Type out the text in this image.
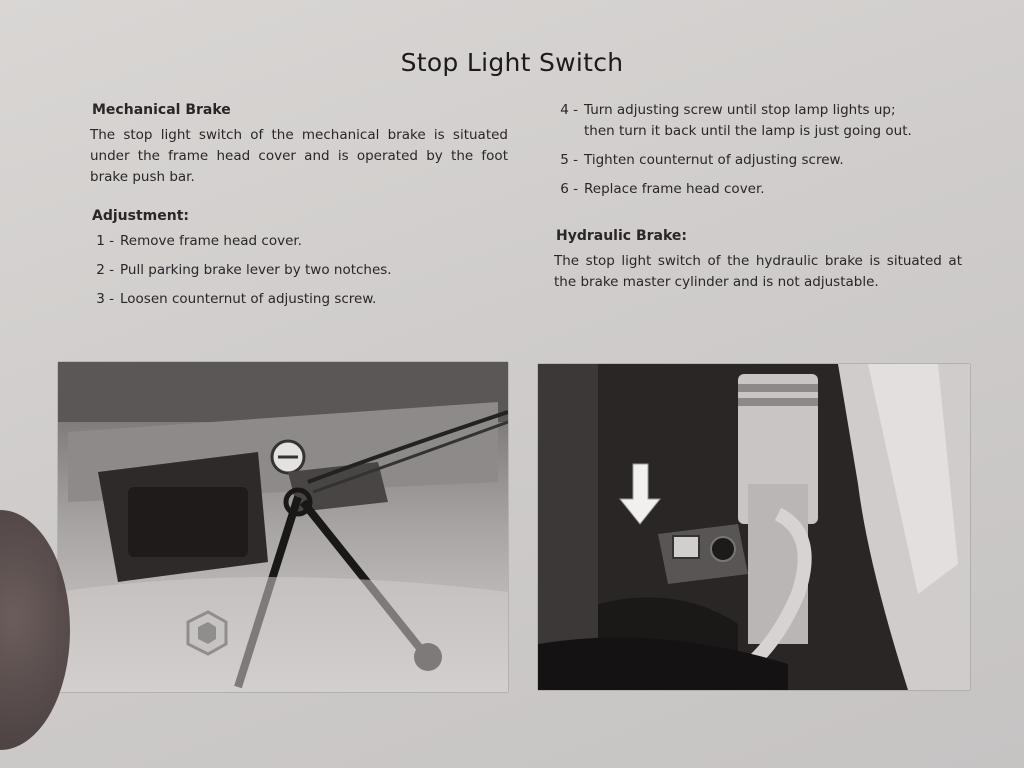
Stop Light Switch
Mechanical Brake
The stop light switch of the mechanical brake is situated under the frame head cover and is operated by the foot brake push bar.
Adjustment:
1 - Remove frame head cover.
2 - Pull parking brake lever by two notches.
3 - Loosen counternut of adjusting screw.
4 - Turn adjusting screw until stop lamp lights up;
then turn it back until the lamp is just going out.
5 - Tighten counternut of adjusting screw.
6 - Replace frame head cover.
Hydraulic Brake:
The stop light switch of the hydraulic brake is situated at the brake master cylinder and is not adjustable.
